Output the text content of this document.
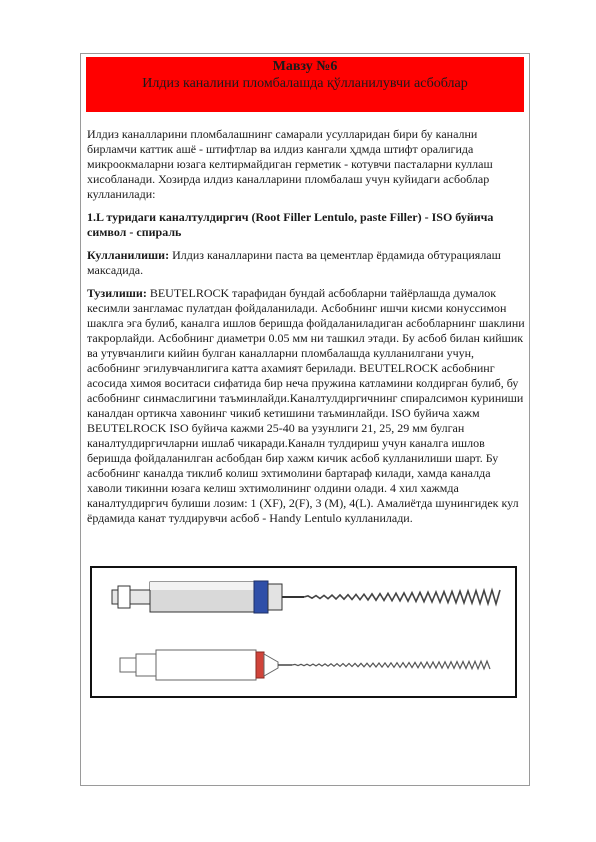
Мавзу №6
Илдиз каналини пломбалашда қўлланилувчи асбоблар

Илдиз каналларини пломбалашнинг самарали усулларидан бири бу канални бирламчи каттик ашё - штифтлар ва илдиз кангали ҳдмда штифт оралигида микроокмаларни юзага келтирмайдиган герметик - котувчи пасталарни куллаш хисобланади. Хозирда илдиз каналларини пломбалаш учун куйидаги асбоблар кулланилади:

1.L туридаги каналтулдиргич (Root Filler Lentulo, paste Filler) - ISO буйича символ - спираль

Кулланилиши: Илдиз каналларини паста ва цементлар ёрдамида обтурациялаш максадида.

Тузилиши: BEUTELROCK тарафидан бундай асбобларни тайёрлашда думалок кесимли зангламас пулатдан фойдаланилади. Асбобнинг ишчи кисми конуссимон шаклга эга булиб, каналга ишлов беришда фойдаланиладиган асбобларнинг шаклини такрорлайди. Асбобнинг диаметри 0.05 мм ни ташкил этади. Бу асбоб билан кийшик ва утувчанлиги кийин булган каналларни пломбалашда кулланилгани учун, асбобнинг эгилувчанлигига катта ахамият берилади. BEUTELROCK асбобнинг асосида химоя воситаси сифатида бир неча пружина катламини колдирган булиб, бу асбобнинг синмаслигини таъминлайди.Каналтулдиргичнинг спиралсимон куриниши каналдан ортикча хавонинг чикиб кетишини таъминлайди. ISO буйича хажм BEUTELROCK ISO буйича кажми 25-40 ва узунлиги 21, 25, 29 мм булган каналтулдиргичларни ишлаб чикаради.Каналн тулдириш учун каналга ишлов беришда фойдаланилган асбобдан бир хажм кичик асбоб кулланилиши шарт. Бу асбобнинг каналда тиклиб колиш эхтимолини бартараф килади, хамда каналда хаволи тикинни юзага келиш эхтимолининг олдини олади. 4 хил хажмда каналтулдиргич булиши лозим: 1 (XF), 2(F), 3 (M), 4(L). Амалиётда шунингидек кул ёрдамида канат тулдирувчи асбоб - Handy Lentulo кулланилади.
